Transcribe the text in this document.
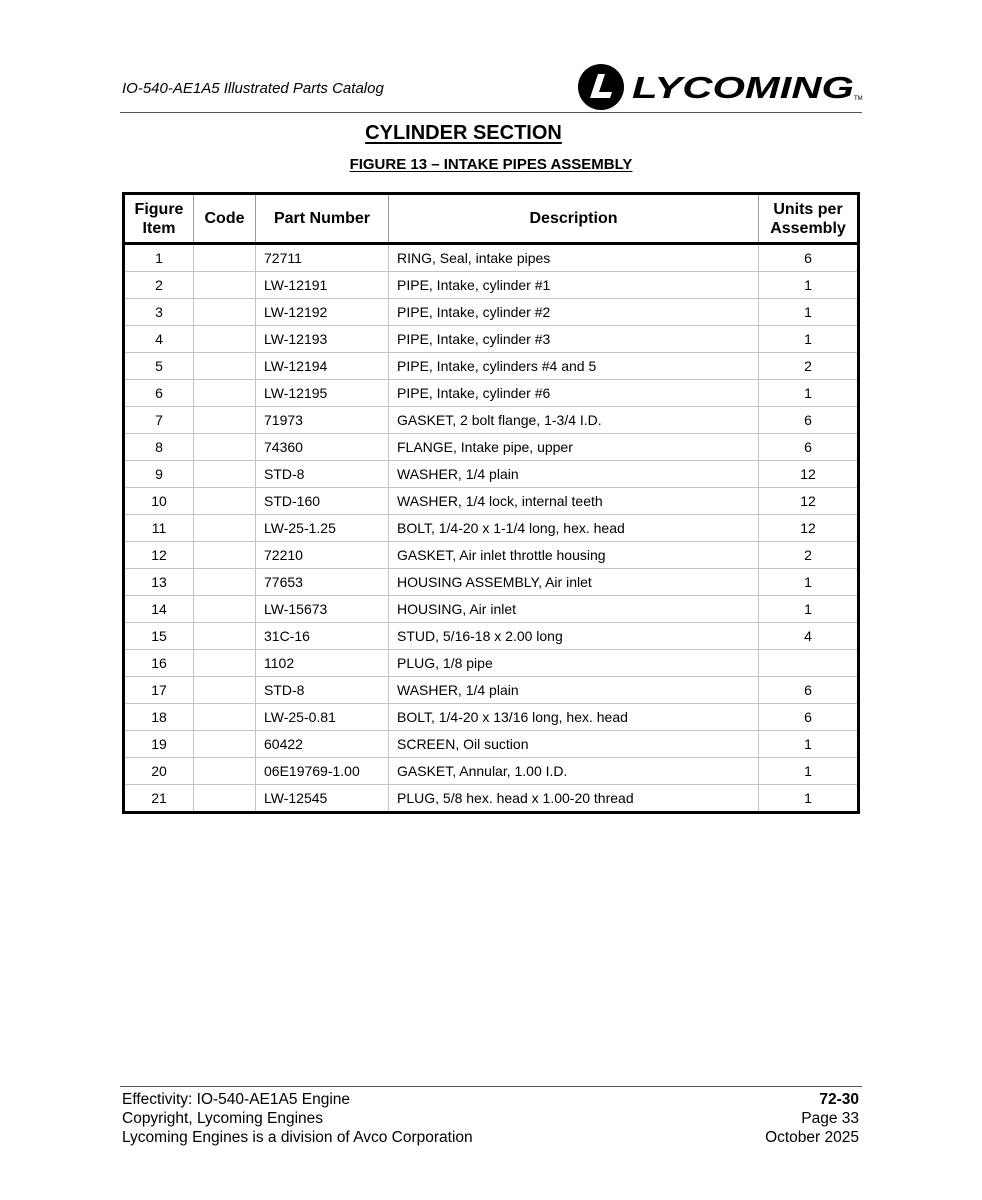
IO-540-AE1A5 Illustrated Parts Catalog	LYCOMING TM
CYLINDER SECTION
FIGURE 13 – INTAKE PIPES ASSEMBLY
Figure Item	Code	Part Number	Description	Units per Assembly
1		72711	RING, Seal, intake pipes	6
2		LW-12191	PIPE, Intake, cylinder #1	1
3		LW-12192	PIPE, Intake, cylinder #2	1
4		LW-12193	PIPE, Intake, cylinder #3	1
5		LW-12194	PIPE, Intake, cylinders #4 and 5	2
6		LW-12195	PIPE, Intake, cylinder #6	1
7		71973	GASKET, 2 bolt flange, 1-3/4 I.D.	6
8		74360	FLANGE, Intake pipe, upper	6
9		STD-8	WASHER, 1/4 plain	12
10		STD-160	WASHER, 1/4 lock, internal teeth	12
11		LW-25-1.25	BOLT, 1/4-20 x 1-1/4 long, hex. head	12
12		72210	GASKET, Air inlet throttle housing	2
13		77653	HOUSING ASSEMBLY, Air inlet	1
14		LW-15673	HOUSING, Air inlet	1
15		31C-16	STUD, 5/16-18 x 2.00 long	4
16		1102	PLUG, 1/8 pipe	
17		STD-8	WASHER, 1/4 plain	6
18		LW-25-0.81	BOLT, 1/4-20 x 13/16 long, hex. head	6
19		60422	SCREEN, Oil suction	1
20		06E19769-1.00	GASKET, Annular, 1.00 I.D.	1
21		LW-12545	PLUG, 5/8 hex. head x 1.00-20 thread	1
Effectivity: IO-540-AE1A5 Engine
Copyright, Lycoming Engines
Lycoming Engines is a division of Avco Corporation
72-30
Page 33
October 2025
